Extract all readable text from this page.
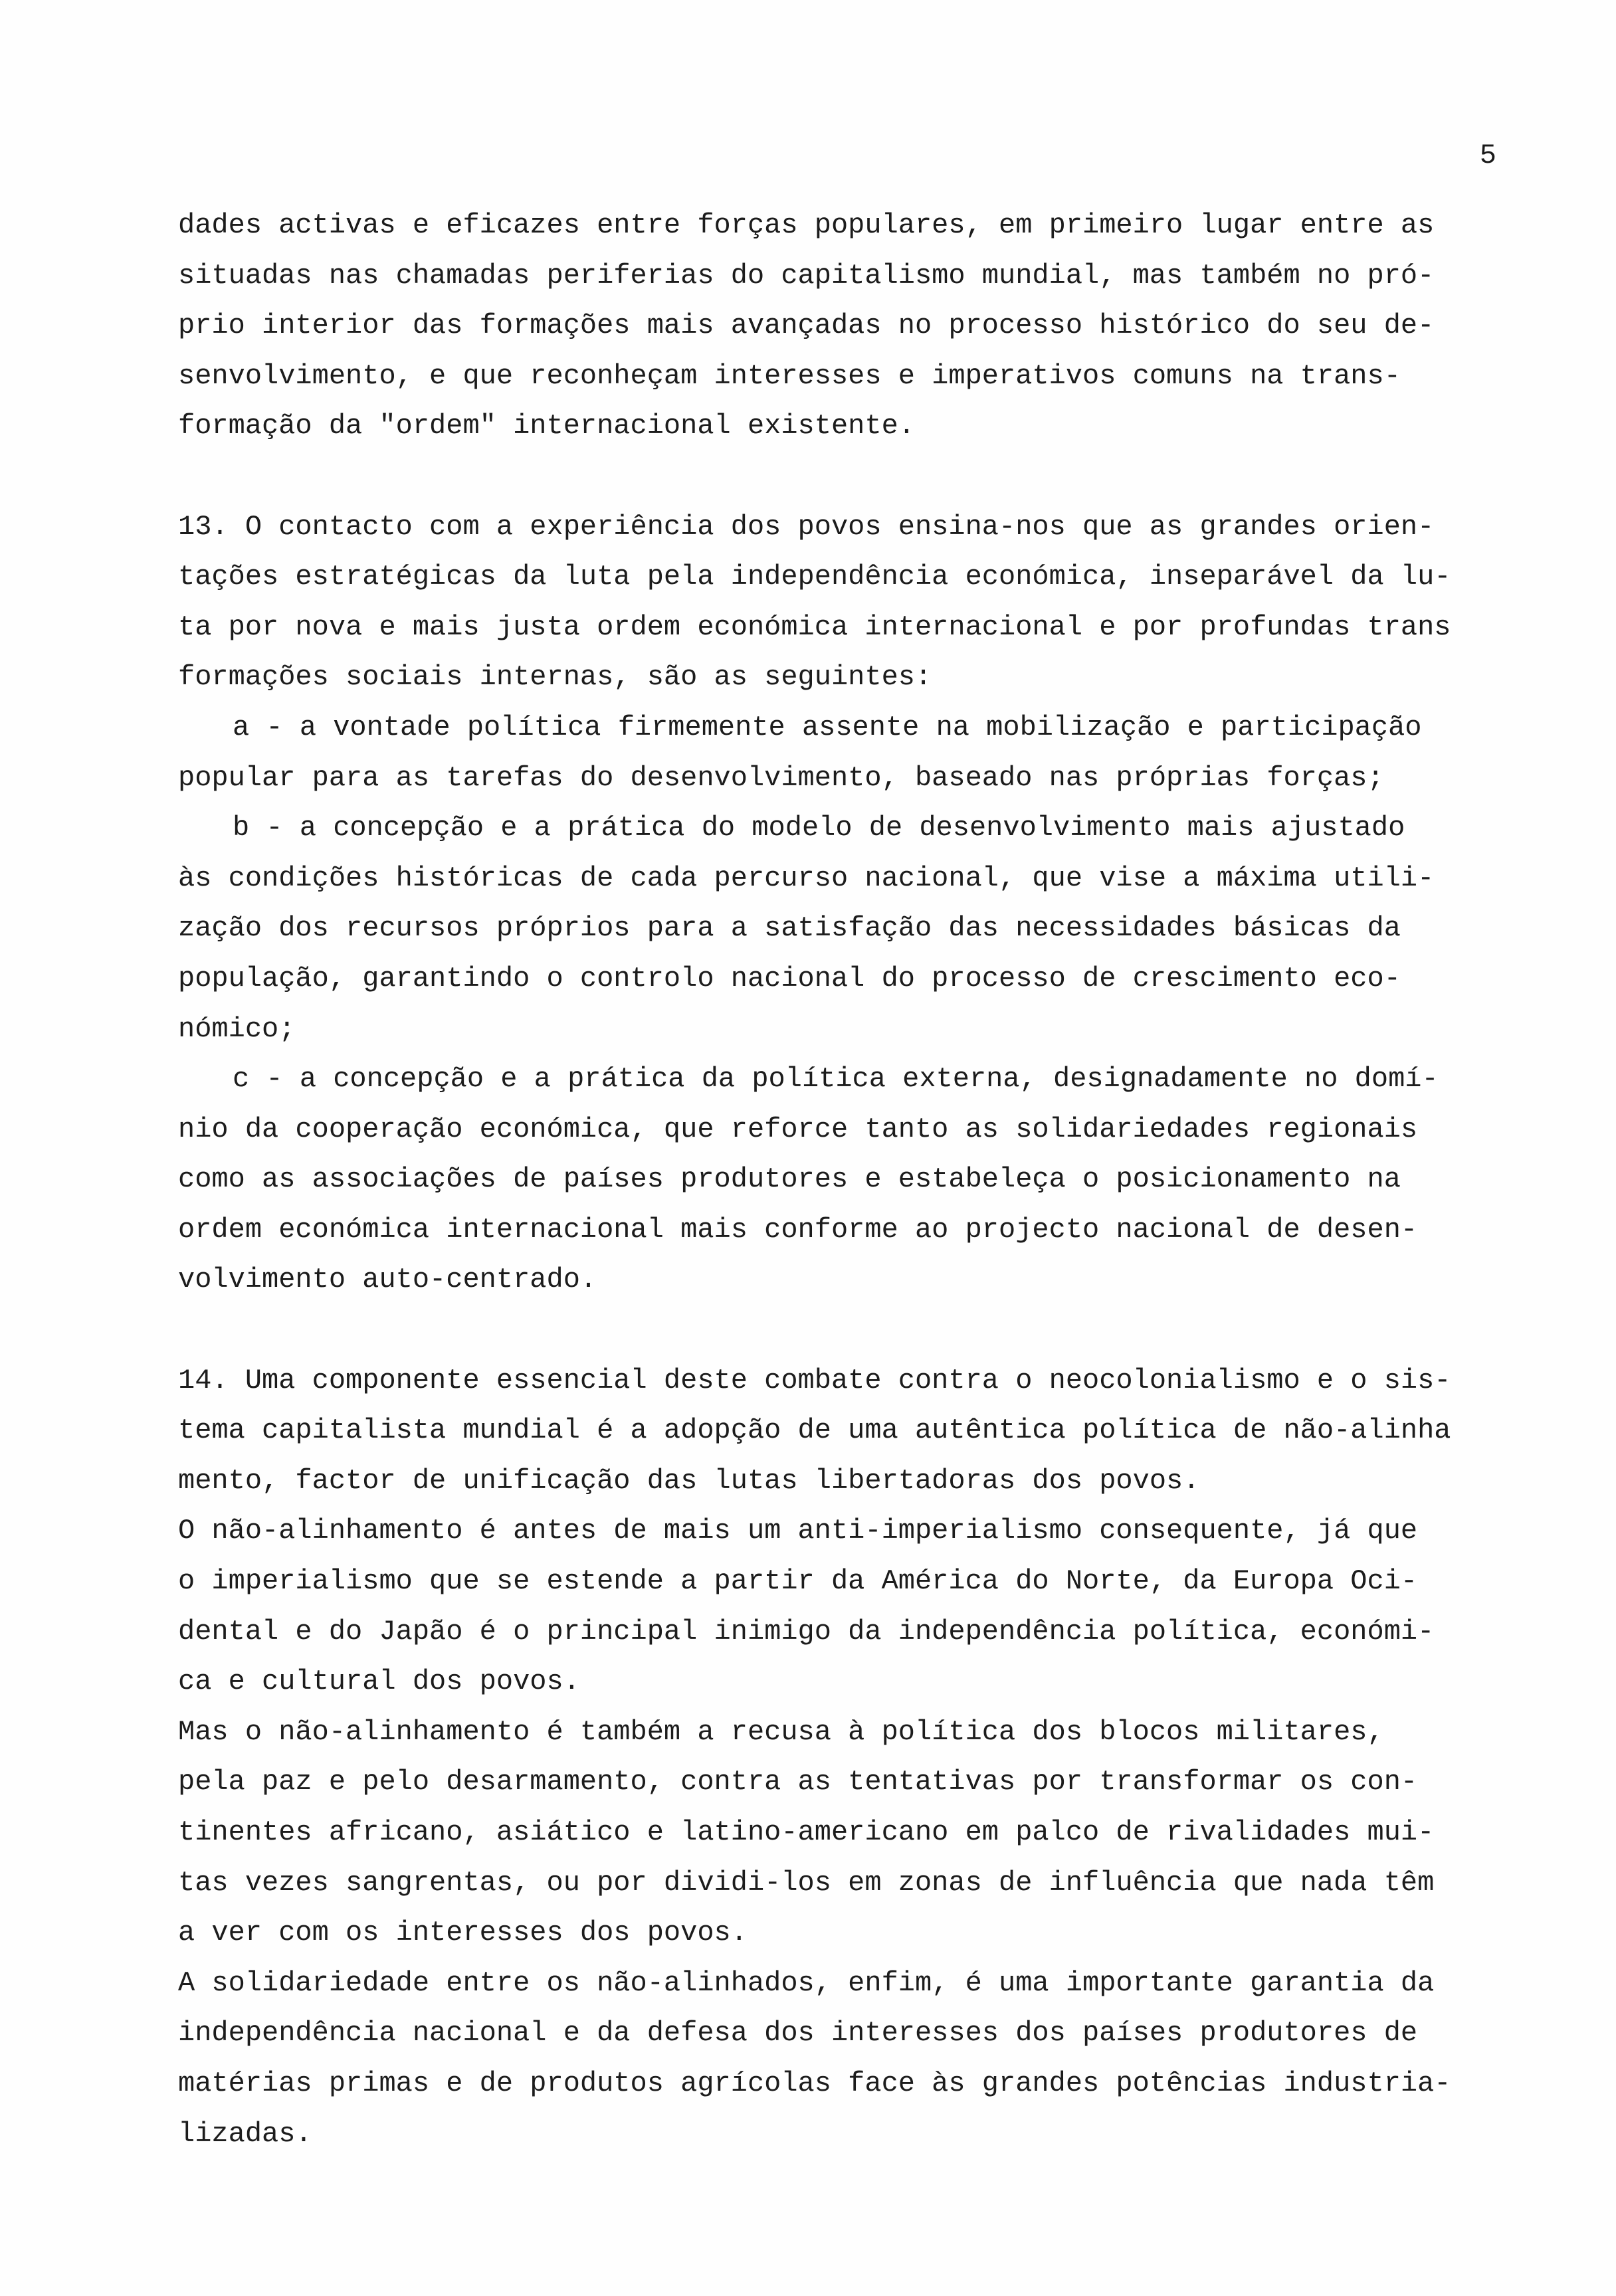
5
dades activas e eficazes entre forças populares, em primeiro lugar entre as
situadas nas chamadas periferias do capitalismo mundial, mas também no pró-
prio interior das formações mais avançadas no processo histórico do seu de-
senvolvimento, e que reconheçam interesses e imperativos comuns na trans-
formação da "ordem" internacional existente.
13. O contacto com a experiência dos povos ensina-nos que as grandes orien-
tações estratégicas da luta pela independência económica, inseparável da lu-
ta por nova e mais justa ordem económica internacional e por profundas trans
formações sociais internas, são as seguintes:
a - a vontade política firmemente assente na mobilização e participação
popular para as tarefas do desenvolvimento, baseado nas próprias forças;
b - a concepção e a prática do modelo de desenvolvimento mais ajustado
às condições históricas de cada percurso nacional, que vise a máxima utili-
zação dos recursos próprios para a satisfação das necessidades básicas da
população, garantindo o controlo nacional do processo de crescimento eco-
nómico;
c - a concepção e a prática da política externa, designadamente no domí-
nio da cooperação económica, que reforce tanto as solidariedades regionais
como as associações de países produtores e estabeleça o posicionamento na
ordem económica internacional mais conforme ao projecto nacional de desen-
volvimento auto-centrado.
14. Uma componente essencial deste combate contra o neocolonialismo e o sis-
tema capitalista mundial é a adopção de uma autêntica política de não-alinha
mento, factor de unificação das lutas libertadoras dos povos.
O não-alinhamento é antes de mais um anti-imperialismo consequente, já que
o imperialismo que se estende a partir da América do Norte, da Europa Oci-
dental e do Japão é o principal inimigo da independência política, económi-
ca e cultural dos povos.
Mas o não-alinhamento é também a recusa à política dos blocos militares,
pela paz e pelo desarmamento, contra as tentativas por transformar os con-
tinentes africano, asiático e latino-americano em palco de rivalidades mui-
tas vezes sangrentas, ou por dividi-los em zonas de influência que nada têm
a ver com os interesses dos povos.
A solidariedade entre os não-alinhados, enfim, é uma importante garantia da
independência nacional e da defesa dos interesses dos países produtores de
matérias primas e de produtos agrícolas face às grandes potências industria-
lizadas.
